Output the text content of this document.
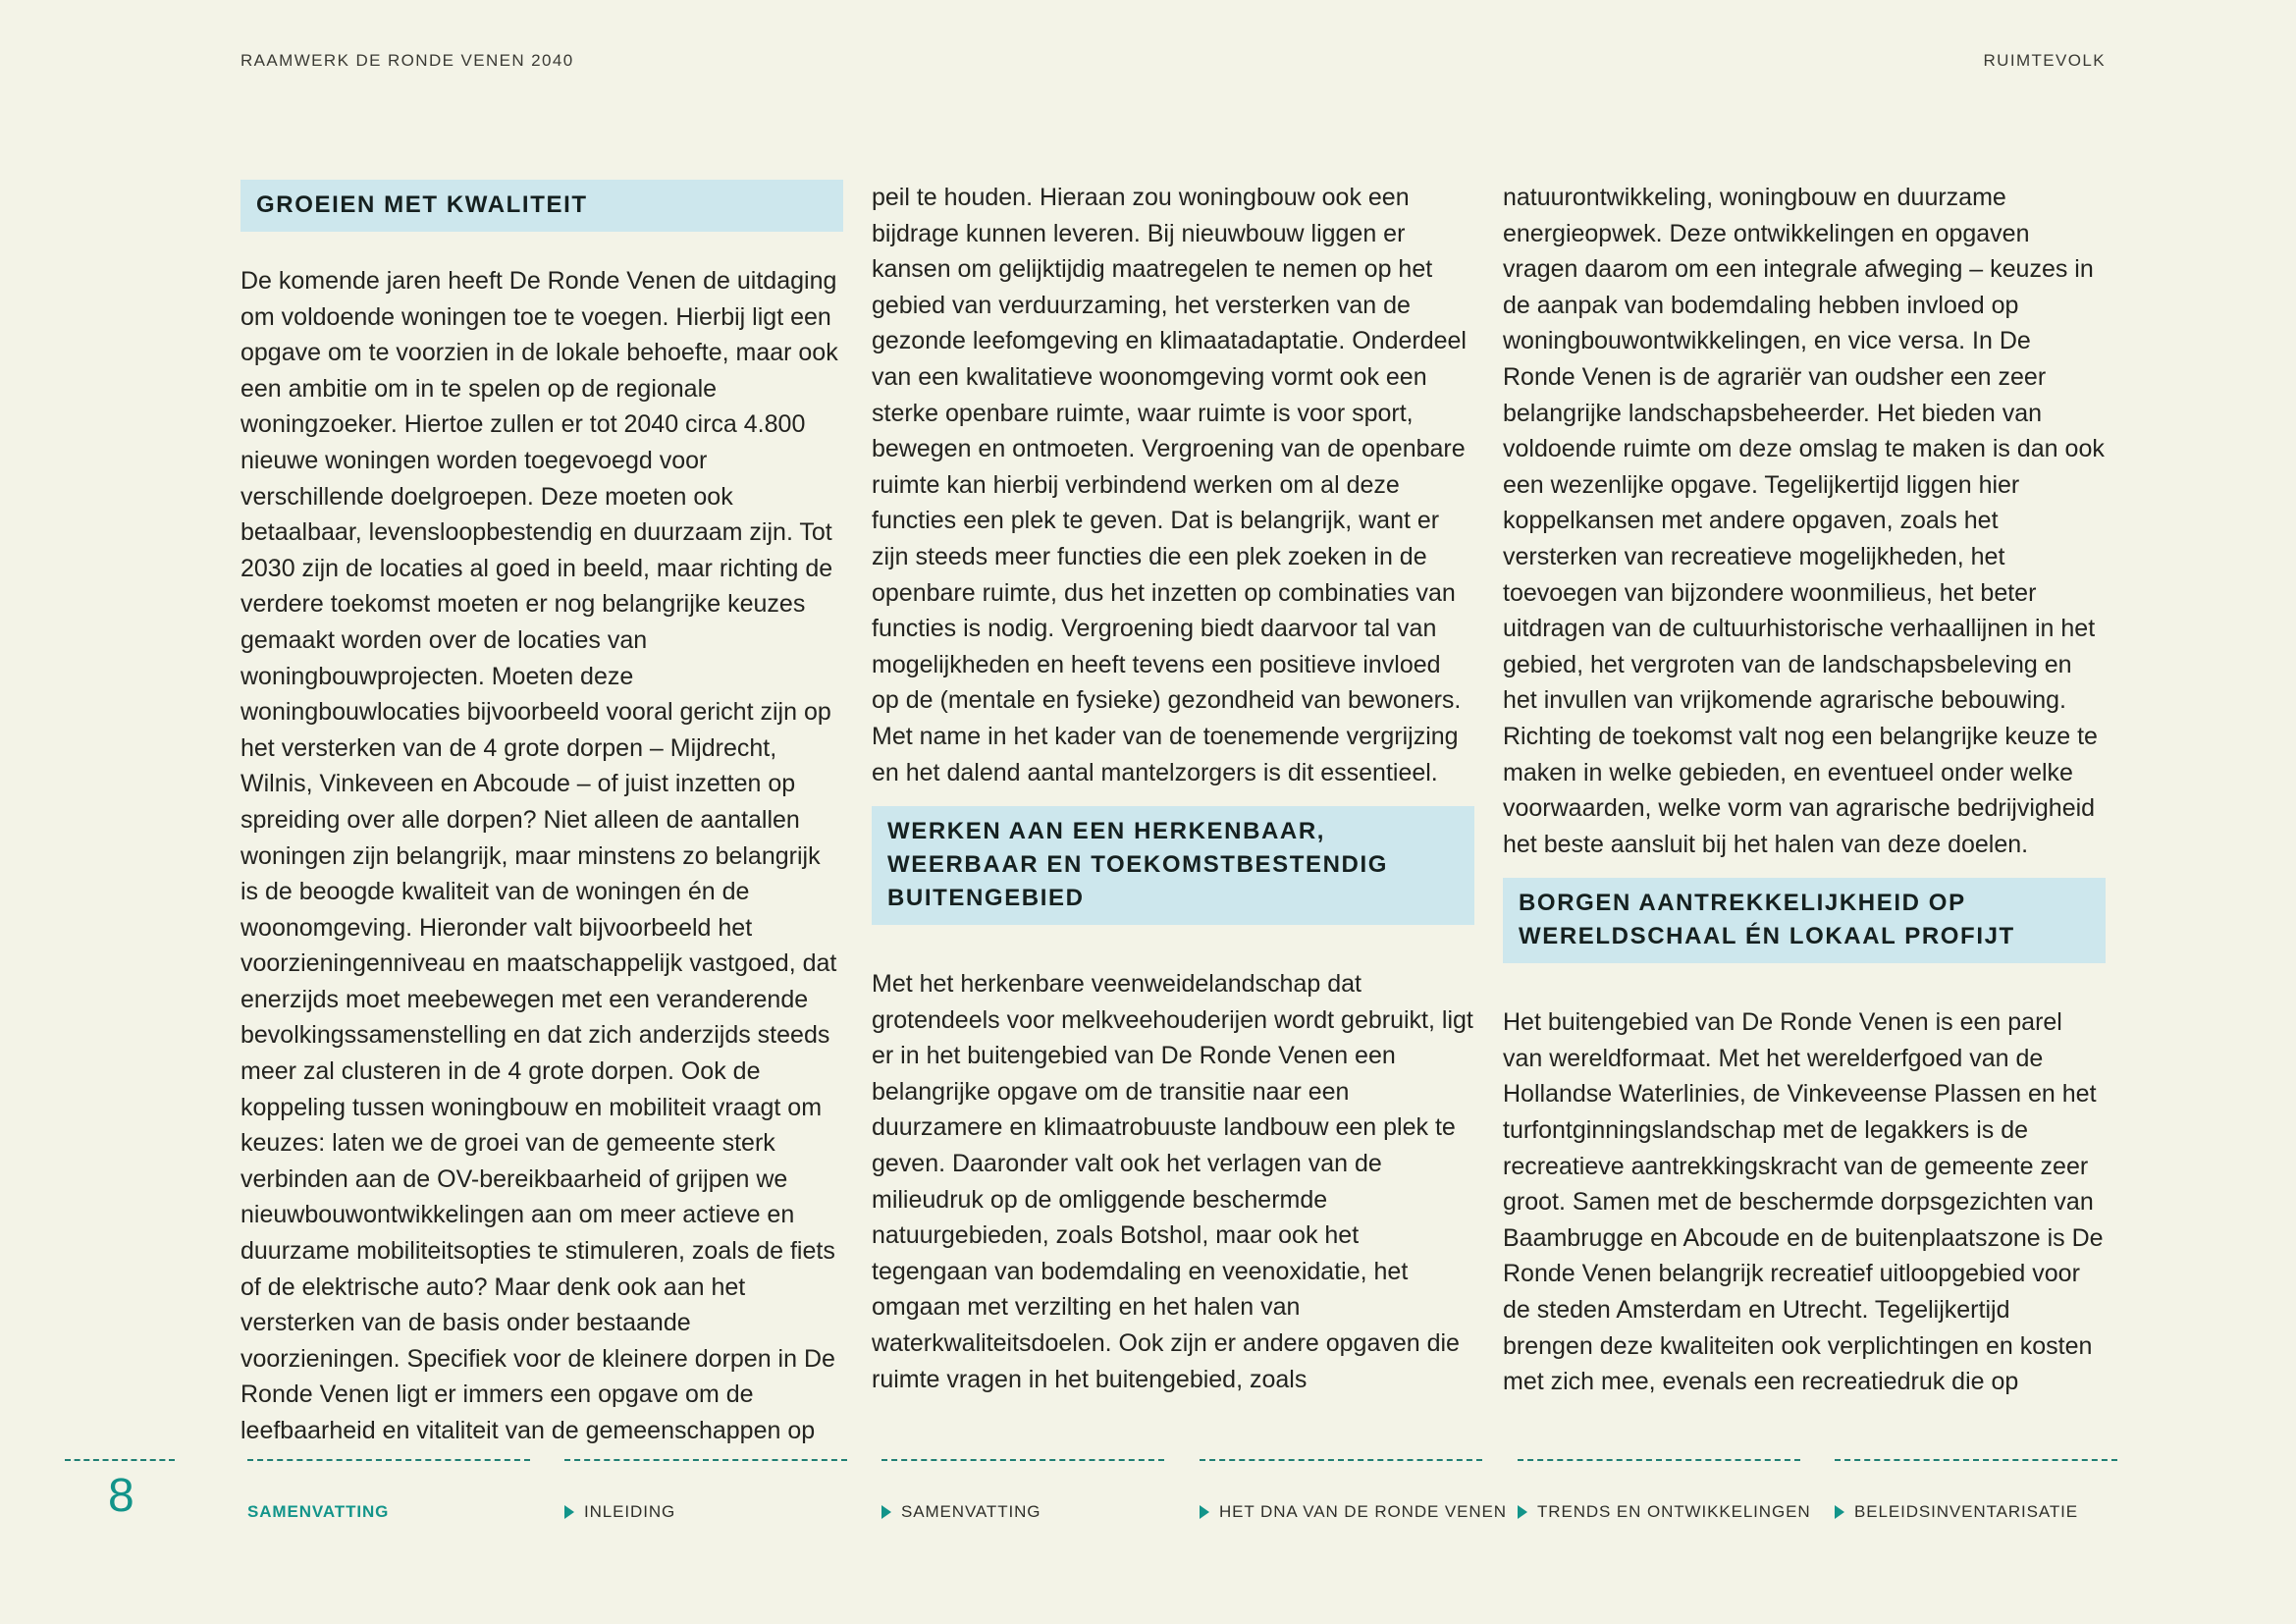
RAAMWERK DE RONDE VENEN 2040	RUIMTEVOLK
GROEIEN MET KWALITEIT

De komende jaren heeft De Ronde Venen de uitdaging om voldoende woningen toe te voegen. Hierbij ligt een opgave om te voorzien in de lokale behoefte, maar ook een ambitie om in te spelen op de regionale woningzoeker. Hiertoe zullen er tot 2040 circa 4.800 nieuwe woningen worden toegevoegd voor verschillende doelgroepen. Deze moeten ook betaalbaar, levensloopbestendig en duurzaam zijn. Tot 2030 zijn de locaties al goed in beeld, maar richting de verdere toekomst moeten er nog belangrijke keuzes gemaakt worden over de locaties van woningbouwprojecten. Moeten deze woningbouwlocaties bijvoorbeeld vooral gericht zijn op het versterken van de 4 grote dorpen – Mijdrecht, Wilnis, Vinkeveen en Abcoude – of juist inzetten op spreiding over alle dorpen? Niet alleen de aantallen woningen zijn belangrijk, maar minstens zo belangrijk is de beoogde kwaliteit van de woningen én de woonomgeving. Hieronder valt bijvoorbeeld het voorzieningenniveau en maatschappelijk vastgoed, dat enerzijds moet meebewegen met een veranderende bevolkingssamenstelling en dat zich anderzijds steeds meer zal clusteren in de 4 grote dorpen. Ook de koppeling tussen woningbouw en mobiliteit vraagt om keuzes: laten we de groei van de gemeente sterk verbinden aan de OV-bereikbaarheid of grijpen we nieuwbouwontwikkelingen aan om meer actieve en duurzame mobiliteitsopties te stimuleren, zoals de fiets of de elektrische auto? Maar denk ook aan het versterken van de basis onder bestaande voorzieningen. Specifiek voor de kleinere dorpen in De Ronde Venen ligt er immers een opgave om de leefbaarheid en vitaliteit van de gemeenschappen op

peil te houden. Hieraan zou woningbouw ook een bijdrage kunnen leveren. Bij nieuwbouw liggen er kansen om gelijktijdig maatregelen te nemen op het gebied van verduurzaming, het versterken van de gezonde leefomgeving en klimaatadaptatie. Onderdeel van een kwalitatieve woonomgeving vormt ook een sterke openbare ruimte, waar ruimte is voor sport, bewegen en ontmoeten. Vergroening van de openbare ruimte kan hierbij verbindend werken om al deze functies een plek te geven. Dat is belangrijk, want er zijn steeds meer functies die een plek zoeken in de openbare ruimte, dus het inzetten op combinaties van functies is nodig. Vergroening biedt daarvoor tal van mogelijkheden en heeft tevens een positieve invloed op de (mentale en fysieke) gezondheid van bewoners. Met name in het kader van de toenemende vergrijzing en het dalend aantal mantelzorgers is dit essentieel.

WERKEN AAN EEN HERKENBAAR, WEERBAAR EN TOEKOMSTBESTENDIG BUITENGEBIED

Met het herkenbare veenweidelandschap dat grotendeels voor melkveehouderijen wordt gebruikt, ligt er in het buitengebied van De Ronde Venen een belangrijke opgave om de transitie naar een duurzamere en klimaatrobuuste landbouw een plek te geven. Daaronder valt ook het verlagen van de milieudruk op de omliggende beschermde natuurgebieden, zoals Botshol, maar ook het tegengaan van bodemdaling en veenoxidatie, het omgaan met verzilting en het halen van waterkwaliteitsdoelen. Ook zijn er andere opgaven die ruimte vragen in het buitengebied, zoals

natuurontwikkeling, woningbouw en duurzame energieopwek. Deze ontwikkelingen en opgaven vragen daarom om een integrale afweging – keuzes in de aanpak van bodemdaling hebben invloed op woningbouwontwikkelingen, en vice versa. In De Ronde Venen is de agrariër van oudsher een zeer belangrijke landschapsbeheerder. Het bieden van voldoende ruimte om deze omslag te maken is dan ook een wezenlijke opgave. Tegelijkertijd liggen hier koppelkansen met andere opgaven, zoals het versterken van recreatieve mogelijkheden, het toevoegen van bijzondere woonmilieus, het beter uitdragen van de cultuurhistorische verhaallijnen in het gebied, het vergroten van de landschapsbeleving en het invullen van vrijkomende agrarische bebouwing. Richting de toekomst valt nog een belangrijke keuze te maken in welke gebieden, en eventueel onder welke voorwaarden, welke vorm van agrarische bedrijvigheid het beste aansluit bij het halen van deze doelen.

BORGEN AANTREKKELIJKHEID OP WERELDSCHAAL ÉN LOKAAL PROFIJT

Het buitengebied van De Ronde Venen is een parel van wereldformaat. Met het werelderfgoed van de Hollandse Waterlinies, de Vinkeveense Plassen en het turfontginningslandschap met de legakkers is de recreatieve aantrekkingskracht van de gemeente zeer groot. Samen met de beschermde dorpsgezichten van Baambrugge en Abcoude en de buitenplaatszone is De Ronde Venen belangrijk recreatief uitloopgebied voor de steden Amsterdam en Utrecht. Tegelijkertijd brengen deze kwaliteiten ook verplichtingen en kosten met zich mee, evenals een recreatiedruk die op

8	SAMENVATTING	INLEIDING	SAMENVATTING	HET DNA VAN DE RONDE VENEN TRENDS EN ONTWIKKELINGEN	BELEIDSINVENTARISATIE
